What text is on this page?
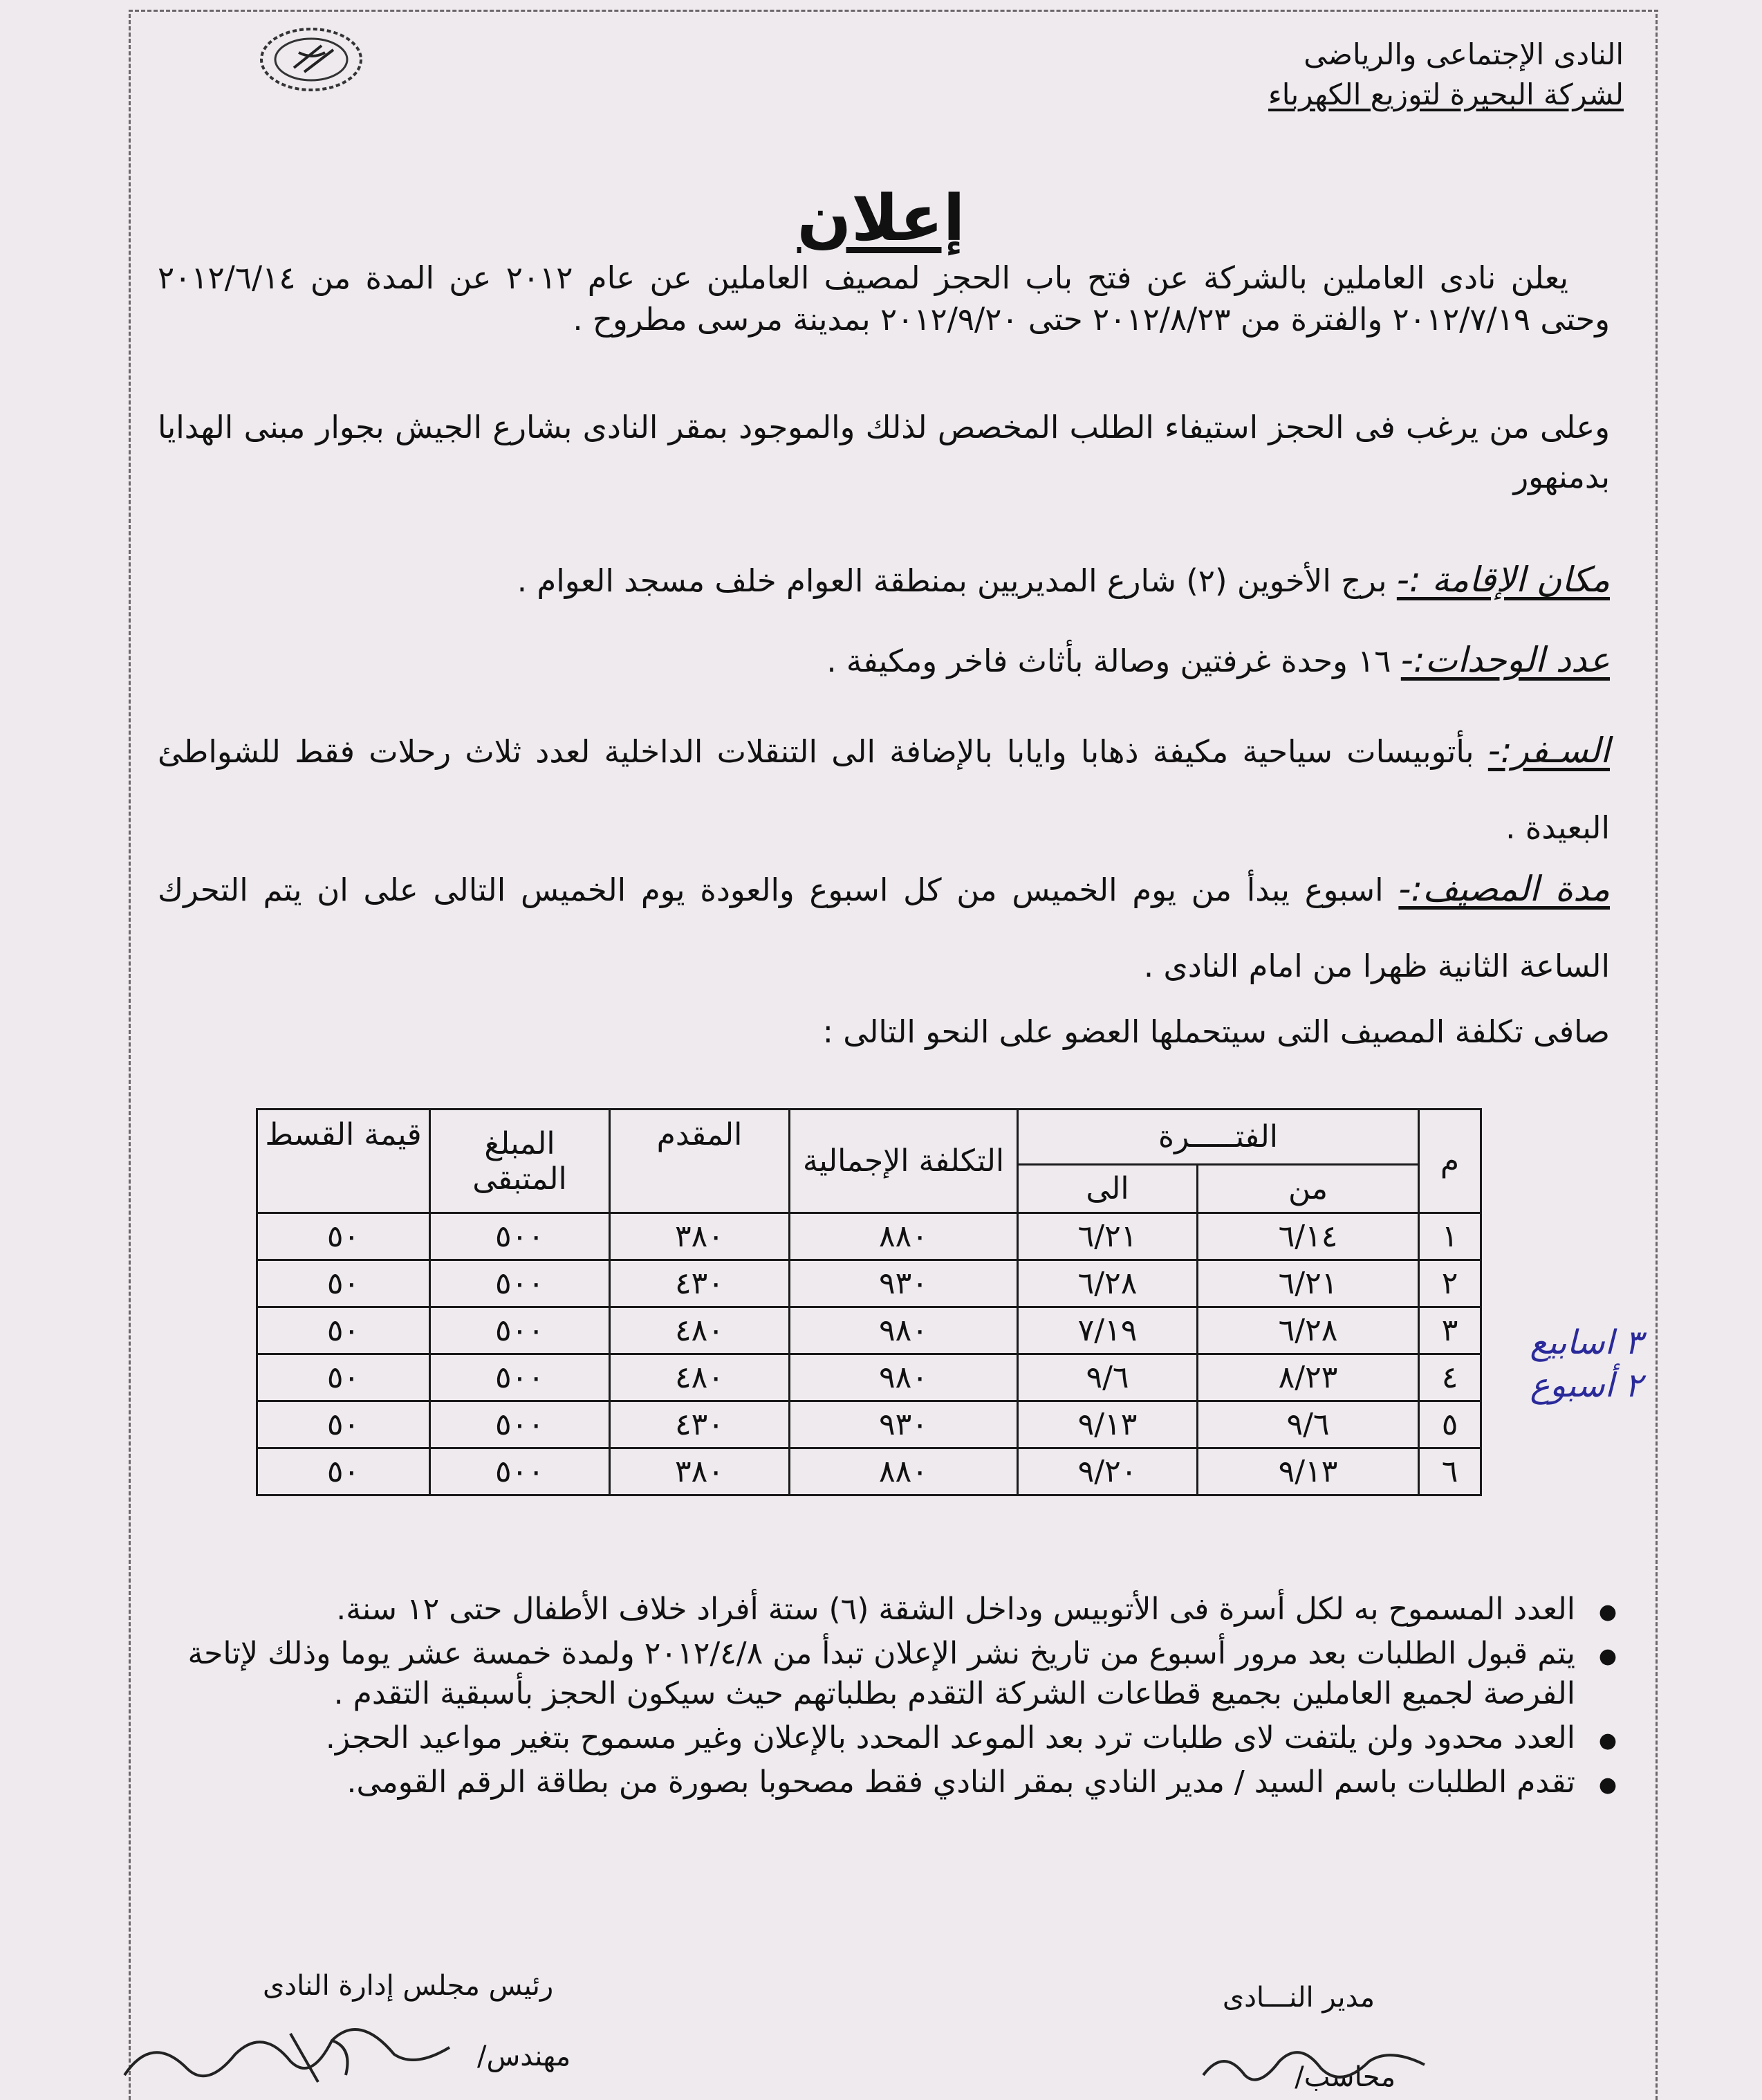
النادى الإجتماعى والرياضى
لشركة البحيرة لتوزيع الكهرباء
إعلان
يعلن نادى العاملين بالشركة عن فتح باب الحجز لمصيف العاملين عن عام ٢٠١٢ عن المدة من ٢٠١٢/٦/١٤ وحتى ٢٠١٢/٧/١٩ والفترة من ٢٠١٢/٨/٢٣ حتى ٢٠١٢/٩/٢٠ بمدينة مرسى مطروح .
وعلى من يرغب فى الحجز استيفاء الطلب المخصص لذلك والموجود بمقر النادى بشارع الجيش بجوار مبنى الهدايا بدمنهور
مكان الإقامة :- برج الأخوين (٢) شارع المديريين بمنطقة العوام خلف مسجد العوام .
عدد الوحدات:- ١٦ وحدة غرفتين وصالة بأثاث فاخر ومكيفة .
السـفر:- بأتوبيسات سياحية مكيفة ذهابا وايابا بالإضافة الى التنقلات الداخلية لعدد ثلاث رحلات فقط للشواطئ البعيدة .
مدة المصيف:- اسبوع يبدأ من يوم الخميس من كل اسبوع والعودة يوم الخميس التالى على ان يتم التحرك الساعة الثانية ظهرا من امام النادى .
صافى تكلفة المصيف التى سيتحملها العضو على النحو التالى :
م	الفتـــــرة		التكلفة الإجمالية	المقدم	المبلغ المتبقى	قيمة القسط
	من	الى				
١	٦/١٤	٦/٢١	٨٨٠	٣٨٠	٥٠٠	٥٠
٢	٦/٢١	٦/٢٨	٩٣٠	٤٣٠	٥٠٠	٥٠
٣	٦/٢٨	٧/١٩	٩٨٠	٤٨٠	٥٠٠	٥٠
٤	٨/٢٣	٩/٦	٩٨٠	٤٨٠	٥٠٠	٥٠
٥	٩/٦	٩/١٣	٩٣٠	٤٣٠	٥٠٠	٥٠
٦	٩/١٣	٩/٢٠	٨٨٠	٣٨٠	٥٠٠	٥٠
٣ اسابيع
٢ أسبوع
● العدد المسموح به لكل أسرة فى الأتوبيس وداخل الشقة (٦) ستة أفراد خلاف الأطفال حتى ١٢ سنة.
● يتم قبول الطلبات بعد مرور أسبوع من تاريخ نشر الإعلان تبدأ من ٢٠١٢/٤/٨ ولمدة خمسة عشر يوما وذلك لإتاحة الفرصة لجميع العاملين بجميع قطاعات الشركة التقدم بطلباتهم حيث سيكون الحجز بأسبقية التقدم .
● العدد محدود ولن يلتفت لاى طلبات ترد بعد الموعد المحدد بالإعلان وغير مسموح بتغير مواعيد الحجز.
● تقدم الطلبات باسم السيد / مدير النادي بمقر النادي فقط مصحوبا بصورة من بطاقة الرقم القومى.
مدير النـــادى
محاسب/
رئيس مجلس إدارة النادى
مهندس/
